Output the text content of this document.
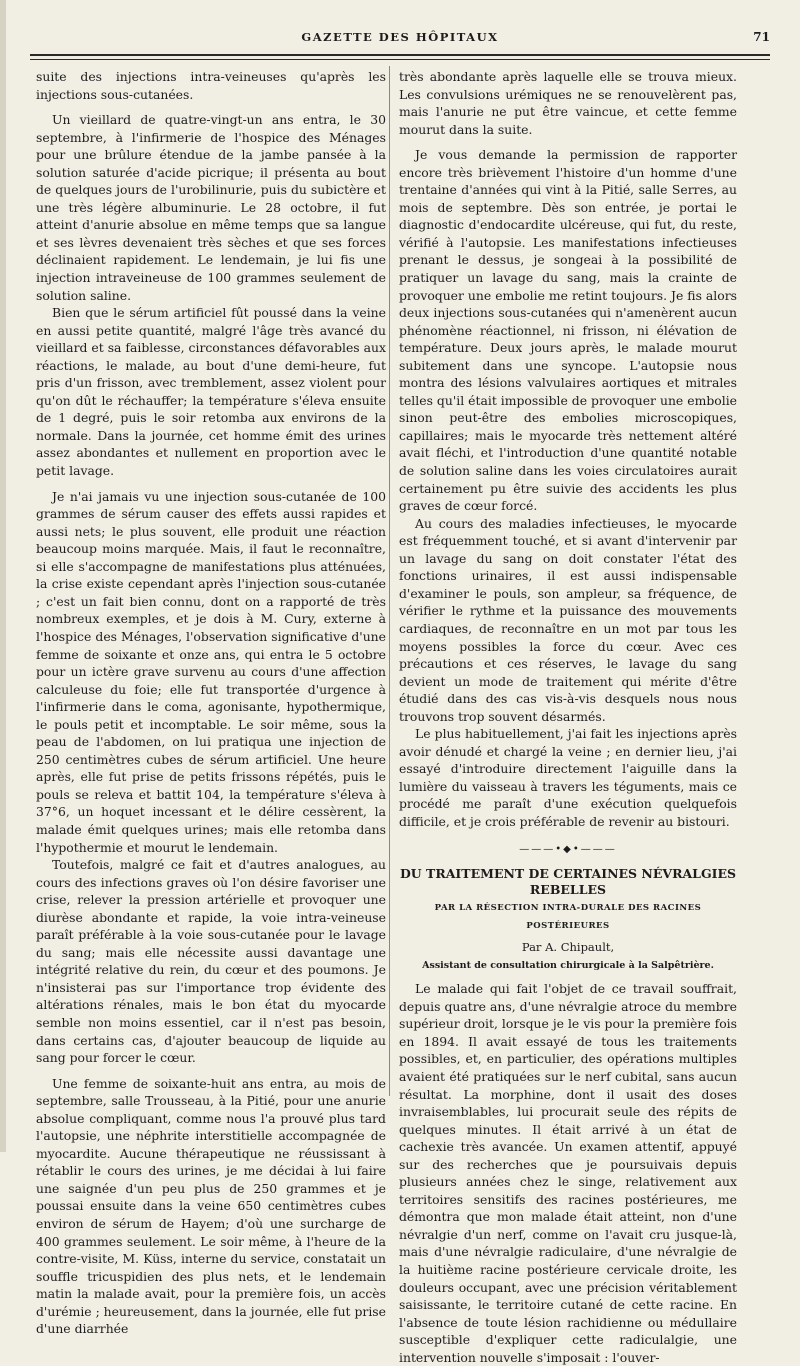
GAZETTE DES HÔPITAUX	71

suite des injections intra-veineuses qu'après les injections sous-cutanées.

Un vieillard de quatre-vingt-un ans entra, le 30 septembre, à l'infirmerie de l'hospice des Ménages pour une brûlure étendue de la jambe pansée à la solution saturée d'acide picrique; il présenta au bout de quelques jours de l'urobilinurie, puis du subictère et une très légère albuminurie. Le 28 octobre, il fut atteint d'anurie absolue en même temps que sa langue et ses lèvres devenaient très sèches et que ses forces déclinaient rapidement. Le lendemain, je lui fis une injection intraveineuse de 100 grammes seulement de solution saline.

Bien que le sérum artificiel fût poussé dans la veine en aussi petite quantité, malgré l'âge très avancé du vieillard et sa faiblesse, circonstances défavorables aux réactions, le malade, au bout d'une demi-heure, fut pris d'un frisson, avec tremblement, assez violent pour qu'on dût le réchauffer; la température s'éleva ensuite de 1 degré, puis le soir retomba aux environs de la normale. Dans la journée, cet homme émit des urines assez abondantes et nullement en proportion avec le petit lavage.

Je n'ai jamais vu une injection sous-cutanée de 100 grammes de sérum causer des effets aussi rapides et aussi nets; le plus souvent, elle produit une réaction beaucoup moins marquée. Mais, il faut le reconnaître, si elle s'accompagne de manifestations plus atténuées, la crise existe cependant après l'injection sous-cutanée ; c'est un fait bien connu, dont on a rapporté de très nombreux exemples, et je dois à M. Cury, externe à l'hospice des Ménages, l'observation significative d'une femme de soixante et onze ans, qui entra le 5 octobre pour un ictère grave survenu au cours d'une affection calculeuse du foie; elle fut transportée d'urgence à l'infirmerie dans le coma, agonisante, hypothermique, le pouls petit et incomptable. Le soir même, sous la peau de l'abdomen, on lui pratiqua une injection de 250 centimètres cubes de sérum artificiel. Une heure après, elle fut prise de petits frissons répétés, puis le pouls se releva et battit 104, la température s'éleva à 37°6, un hoquet incessant et le délire cessèrent, la malade émit quelques urines; mais elle retomba dans l'hypothermie et mourut le lendemain.

Toutefois, malgré ce fait et d'autres analogues, au cours des infections graves où l'on désire favoriser une crise, relever la pression artérielle et provoquer une diurèse abondante et rapide, la voie intra-veineuse paraît préférable à la voie sous-cutanée pour le lavage du sang; mais elle nécessite aussi davantage une intégrité relative du rein, du cœur et des poumons. Je n'insisterai pas sur l'importance trop évidente des altérations rénales, mais le bon état du myocarde semble non moins essentiel, car il n'est pas besoin, dans certains cas, d'ajouter beaucoup de liquide au sang pour forcer le cœur.

Une femme de soixante-huit ans entra, au mois de septembre, salle Trousseau, à la Pitié, pour une anurie absolue compliquant, comme nous l'a prouvé plus tard l'autopsie, une néphrite interstitielle accompagnée de myocardite. Aucune thérapeutique ne réussissant à rétablir le cours des urines, je me décidai à lui faire une saignée d'un peu plus de 250 grammes et je poussai ensuite dans la veine 650 centimètres cubes environ de sérum de Hayem; d'où une surcharge de 400 grammes seulement. Le soir même, à l'heure de la contre-visite, M. Küss, interne du service, constatait un souffle tricuspidien des plus nets, et le lendemain matin la malade avait, pour la première fois, un accès d'urémie ; heureusement, dans la journée, elle fut prise d'une diarrhée

très abondante après laquelle elle se trouva mieux. Les convulsions urémiques ne se renouvelèrent pas, mais l'anurie ne put être vaincue, et cette femme mourut dans la suite.

Je vous demande la permission de rapporter encore très brièvement l'histoire d'un homme d'une trentaine d'années qui vint à la Pitié, salle Serres, au mois de septembre. Dès son entrée, je portai le diagnostic d'endocardite ulcéreuse, qui fut, du reste, vérifié à l'autopsie. Les manifestations infectieuses prenant le dessus, je songeai à la possibilité de pratiquer un lavage du sang, mais la crainte de provoquer une embolie me retint toujours. Je fis alors deux injections sous-cutanées qui n'amenèrent aucun phénomène réactionnel, ni frisson, ni élévation de température. Deux jours après, le malade mourut subitement dans une syncope. L'autopsie nous montra des lésions valvulaires aortiques et mitrales telles qu'il était impossible de provoquer une embolie sinon peut-être des embolies microscopiques, capillaires; mais le myocarde très nettement altéré avait fléchi, et l'introduction d'une quantité notable de solution saline dans les voies circulatoires aurait certainement pu être suivie des accidents les plus graves de cœur forcé.

Au cours des maladies infectieuses, le myocarde est fréquemment touché, et si avant d'intervenir par un lavage du sang on doit constater l'état des fonctions urinaires, il est aussi indispensable d'examiner le pouls, son ampleur, sa fréquence, de vérifier le rythme et la puissance des mouvements cardiaques, de reconnaître en un mot par tous les moyens possibles la force du cœur. Avec ces précautions et ces réserves, le lavage du sang devient un mode de traitement qui mérite d'être étudié dans des cas vis-à-vis desquels nous nous trouvons trop souvent désarmés.

Le plus habituellement, j'ai fait les injections après avoir dénudé et chargé la veine ; en dernier lieu, j'ai essayé d'introduire directement l'aiguille dans la lumière du vaisseau à travers les téguments, mais ce procédé me paraît d'une exécution quelquefois difficile, et je crois préférable de revenir au bistouri.

———•◆•———
DU TRAITEMENT DE CERTAINES NÉVRALGIES REBELLES
PAR LA RÉSECTION INTRA-DURALE DES RACINES POSTÉRIEURES
Par A. Chipault,
Assistant de consultation chirurgicale à la Salpêtrière.

Le malade qui fait l'objet de ce travail souffrait, depuis quatre ans, d'une névralgie atroce du membre supérieur droit, lorsque je le vis pour la première fois en 1894. Il avait essayé de tous les traitements possibles, et, en particulier, des opérations multiples avaient été pratiquées sur le nerf cubital, sans aucun résultat. La morphine, dont il usait des doses invraisemblables, lui procurait seule des répits de quelques minutes. Il était arrivé à un état de cachexie très avancée. Un examen attentif, appuyé sur des recherches que je poursuivais depuis plusieurs années chez le singe, relativement aux territoires sensitifs des racines postérieures, me démontra que mon malade était atteint, non d'une névralgie d'un nerf, comme on l'avait cru jusque-là, mais d'une névralgie radiculaire, d'une névralgie de la huitième racine postérieure cervicale droite, les douleurs occupant, avec une précision véritablement saisissante, le territoire cutané de cette racine. En l'absence de toute lésion rachidienne ou médullaire susceptible d'expliquer cette radiculalgie, une intervention nouvelle s'imposait : l'ouver-
